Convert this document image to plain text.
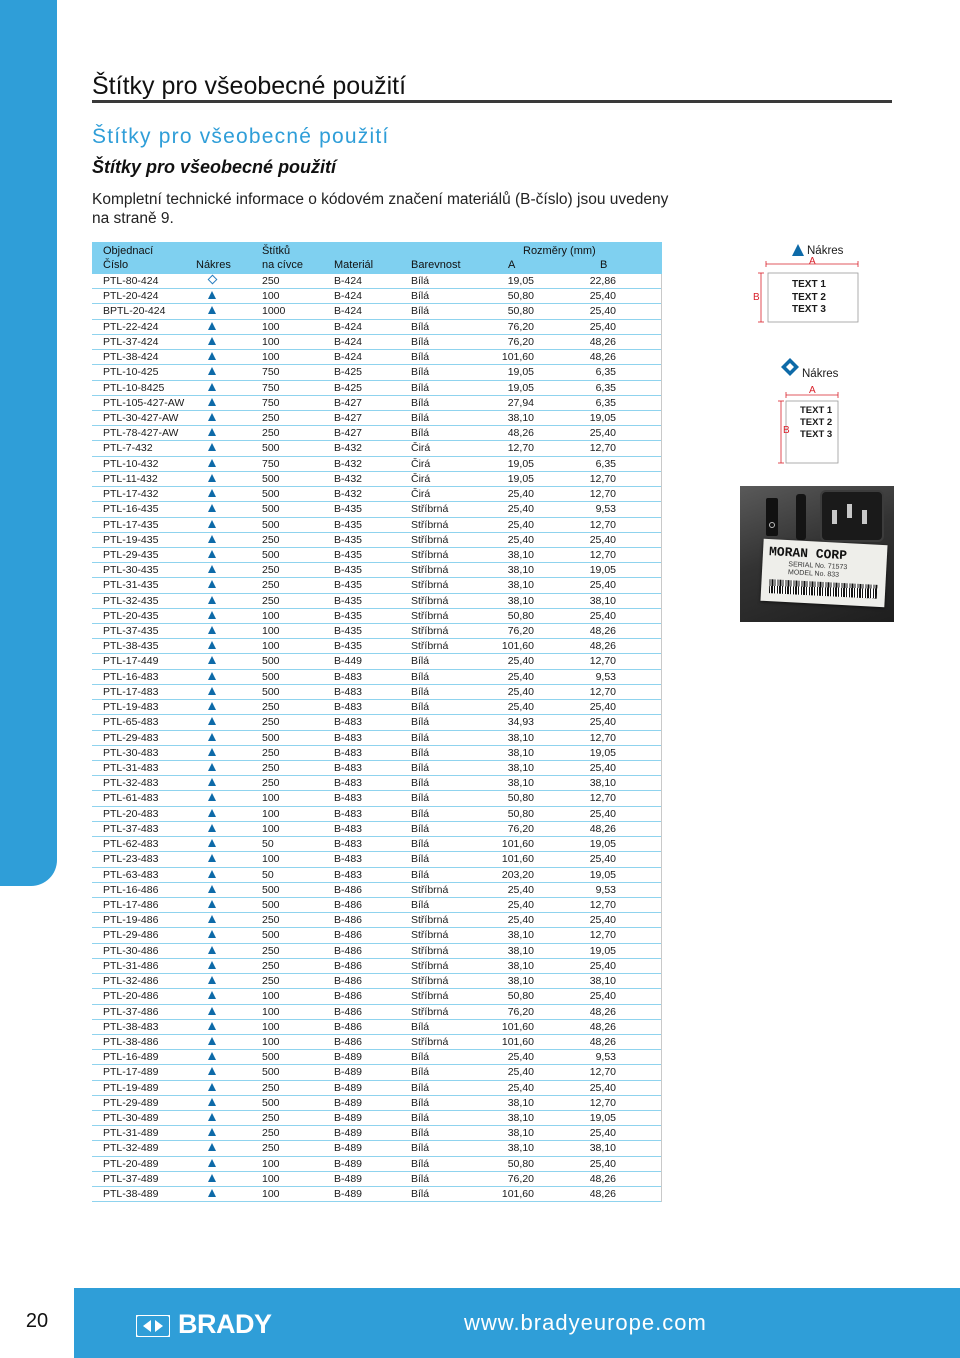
Štítky pro všeobecné použití
Štítky pro všeobecné použití
Štítky pro všeobecné použití
Kompletní technické informace o kódovém značení materiálů (B-číslo) jsou uvedeny na straně 9.
Objednací
Číslo	Nákres
Štítků
na cívce	Materiál	Barevnost
Rozměry (mm)
A	B
PTL-80-424	250	B-424	Bílá	19,05	22,86
PTL-20-424	100	B-424	Bílá	50,80	25,40
BPTL-20-424	1000	B-424	Bílá	50,80	25,40
PTL-22-424	100	B-424	Bílá	76,20	25,40
PTL-37-424	100	B-424	Bílá	76,20	48,26
PTL-38-424	100	B-424	Bílá	101,60	48,26
PTL-10-425	750	B-425	Bílá	19,05	6,35
PTL-10-8425	750	B-425	Bílá	19,05	6,35
PTL-105-427-AW	750	B-427	Bílá	27,94	6,35
PTL-30-427-AW	250	B-427	Bílá	38,10	19,05
PTL-78-427-AW	250	B-427	Bílá	48,26	25,40
PTL-7-432	500	B-432	Čirá	12,70	12,70
PTL-10-432	750	B-432	Čirá	19,05	6,35
PTL-11-432	500	B-432	Čirá	19,05	12,70
PTL-17-432	500	B-432	Čirá	25,40	12,70
PTL-16-435	500	B-435	Stříbrná	25,40	9,53
PTL-17-435	500	B-435	Stříbrná	25,40	12,70
PTL-19-435	250	B-435	Stříbrná	25,40	25,40
PTL-29-435	500	B-435	Stříbrná	38,10	12,70
PTL-30-435	250	B-435	Stříbrná	38,10	19,05
PTL-31-435	250	B-435	Stříbrná	38,10	25,40
PTL-32-435	250	B-435	Stříbrná	38,10	38,10
PTL-20-435	100	B-435	Stříbrná	50,80	25,40
PTL-37-435	100	B-435	Stříbrná	76,20	48,26
PTL-38-435	100	B-435	Stříbrná	101,60	48,26
PTL-17-449	500	B-449	Bílá	25,40	12,70
PTL-16-483	500	B-483	Bílá	25,40	9,53
PTL-17-483	500	B-483	Bílá	25,40	12,70
PTL-19-483	250	B-483	Bílá	25,40	25,40
PTL-65-483	250	B-483	Bílá	34,93	25,40
PTL-29-483	500	B-483	Bílá	38,10	12,70
PTL-30-483	250	B-483	Bílá	38,10	19,05
PTL-31-483	250	B-483	Bílá	38,10	25,40
PTL-32-483	250	B-483	Bílá	38,10	38,10
PTL-61-483	100	B-483	Bílá	50,80	12,70
PTL-20-483	100	B-483	Bílá	50,80	25,40
PTL-37-483	100	B-483	Bílá	76,20	48,26
PTL-62-483	50	B-483	Bílá	101,60	19,05
PTL-23-483	100	B-483	Bílá	101,60	25,40
PTL-63-483	50	B-483	Bílá	203,20	19,05
PTL-16-486	500	B-486	Stříbrná	25,40	9,53
PTL-17-486	500	B-486	Bílá	25,40	12,70
PTL-19-486	250	B-486	Stříbrná	25,40	25,40
PTL-29-486	500	B-486	Stříbrná	38,10	12,70
PTL-30-486	250	B-486	Stříbrná	38,10	19,05
PTL-31-486	250	B-486	Stříbrná	38,10	25,40
PTL-32-486	250	B-486	Stříbrná	38,10	38,10
PTL-20-486	100	B-486	Stříbrná	50,80	25,40
PTL-37-486	100	B-486	Stříbrná	76,20	48,26
PTL-38-483	100	B-486	Bílá	101,60	48,26
PTL-38-486	100	B-486	Stříbrná	101,60	48,26
PTL-16-489	500	B-489	Bílá	25,40	9,53
PTL-17-489	500	B-489	Bílá	25,40	12,70
PTL-19-489	250	B-489	Bílá	25,40	25,40
PTL-29-489	500	B-489	Bílá	38,10	12,70
PTL-30-489	250	B-489	Bílá	38,10	19,05
PTL-31-489	250	B-489	Bílá	38,10	25,40
PTL-32-489	250	B-489	Bílá	38,10	38,10
PTL-20-489	100	B-489	Bílá	50,80	25,40
PTL-37-489	100	B-489	Bílá	76,20	48,26
PTL-38-489	100	B-489	Bílá	101,60	48,26
Nákres
A
B
TEXT 1
TEXT 2
TEXT 3
Nákres
A
B
TEXT 1
TEXT 2
TEXT 3
MORAN CORP
SERIAL No. 71573
MODEL No. 833
20	BRADY	www.bradyeurope.com
